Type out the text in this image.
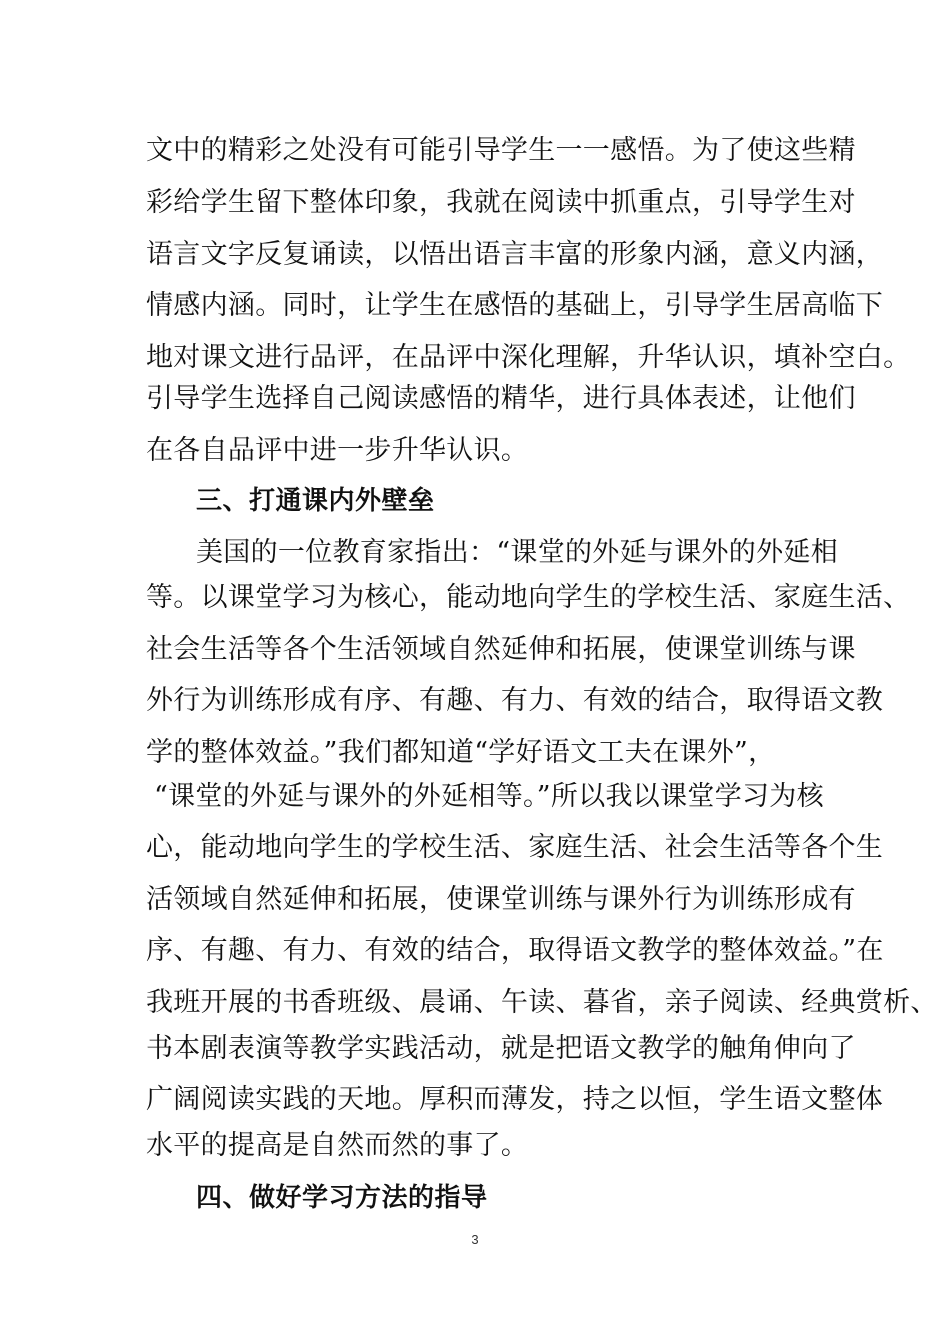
文中的精彩之处没有可能引导学生一一感悟。为了使这些精
彩给学生留下整体印象，我就在阅读中抓重点，引导学生对
语言文字反复诵读，以悟出语言丰富的形象内涵，意义内涵，
情感内涵。同时，让学生在感悟的基础上，引导学生居高临下
地对课文进行品评，在品评中深化理解，升华认识，填补空白。
引导学生选择自己阅读感悟的精华，进行具体表述，让他们
在各自品评中进一步升华认识。
三、打通课内外壁垒
美国的一位教育家指出：“课堂的外延与课外的外延相
等。以课堂学习为核心，能动地向学生的学校生活、家庭生活、
社会生活等各个生活领域自然延伸和拓展，使课堂训练与课
外行为训练形成有序、有趣、有力、有效的结合，取得语文教
学的整体效益。”我们都知道“学好语文工夫在课外”，
“课堂的外延与课外的外延相等。”所以我以课堂学习为核
心，能动地向学生的学校生活、家庭生活、社会生活等各个生
活领域自然延伸和拓展，使课堂训练与课外行为训练形成有
序、有趣、有力、有效的结合，取得语文教学的整体效益。”在
我班开展的书香班级、晨诵、午读、暮省，亲子阅读、经典赏析、
书本剧表演等教学实践活动，就是把语文教学的触角伸向了
广阔阅读实践的天地。厚积而薄发，持之以恒，学生语文整体
水平的提高是自然而然的事了。
四、做好学习方法的指导
3
